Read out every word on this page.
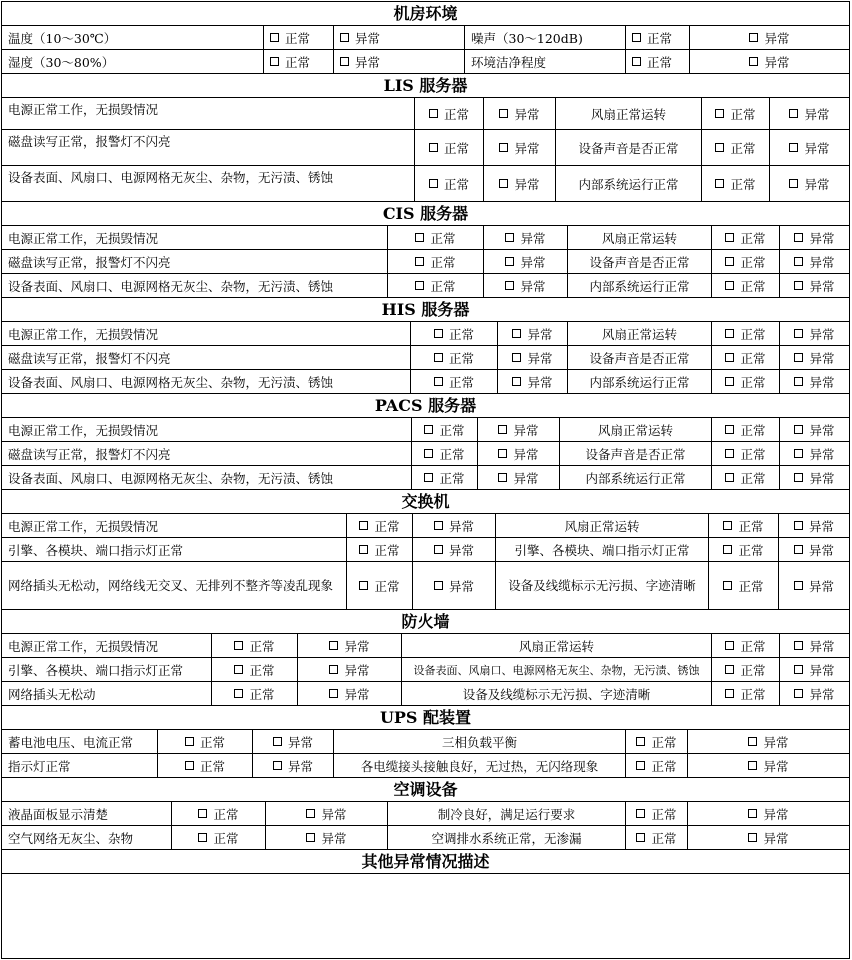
机房环境
温度（10～30℃）	正常	异常	噪声（30～120dB)	正常	异常
湿度（30～80%）	正常	异常	环境洁净程度	正常	异常
LIS 服务器
电源正常工作，无损毁情况	正常	异常	风扇正常运转	正常	异常
磁盘读写正常，报警灯不闪亮	正常	异常	设备声音是否正常	正常	异常
设备表面、风扇口、电源网格无灰尘、杂物，无污渍、锈蚀	正常	异常	内部系统运行正常	正常	异常
CIS 服务器
电源正常工作，无损毁情况	正常	异常	风扇正常运转	正常	异常
磁盘读写正常，报警灯不闪亮	正常	异常	设备声音是否正常	正常	异常
设备表面、风扇口、电源网格无灰尘、杂物，无污渍、锈蚀	正常	异常	内部系统运行正常	正常	异常
HIS 服务器
电源正常工作，无损毁情况	正常	异常	风扇正常运转	正常	异常
磁盘读写正常，报警灯不闪亮	正常	异常	设备声音是否正常	正常	异常
设备表面、风扇口、电源网格无灰尘、杂物，无污渍、锈蚀	正常	异常	内部系统运行正常	正常	异常
PACS 服务器
电源正常工作，无损毁情况	正常	异常	风扇正常运转	正常	异常
磁盘读写正常，报警灯不闪亮	正常	异常	设备声音是否正常	正常	异常
设备表面、风扇口、电源网格无灰尘、杂物，无污渍、锈蚀	正常	异常	内部系统运行正常	正常	异常
交换机
电源正常工作，无损毁情况	正常	异常	风扇正常运转	正常	异常
引擎、各模块、端口指示灯正常	正常	异常	引擎、各模块、端口指示灯正常	正常	异常
网络插头无松动，网络线无交叉、无排列不整齐等凌乱现象	正常	异常	设备及线缆标示无污损、字迹清晰	正常	异常
防火墙
电源正常工作，无损毁情况	正常	异常	风扇正常运转	正常	异常
引擎、各模块、端口指示灯正常	正常	异常	设备表面、风扇口、电源网格无灰尘、杂物，无污渍、锈蚀	正常	异常
网络插头无松动	正常	异常	设备及线缆标示无污损、字迹清晰	正常	异常
UPS 配装置
蓄电池电压、电流正常	正常	异常	三相负载平衡	正常	异常
指示灯正常	正常	异常	各电缆接头接触良好，无过热，无闪络现象	正常	异常
空调设备
液晶面板显示清楚	正常	异常	制冷良好，满足运行要求	正常	异常
空气网络无灰尘、杂物	正常	异常	空调排水系统正常，无渗漏	正常	异常
其他异常情况描述
